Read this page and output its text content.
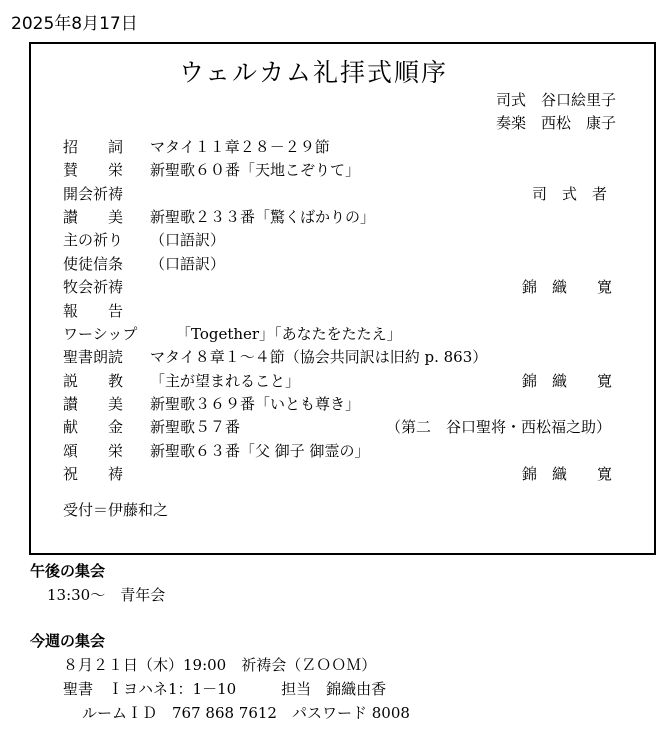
2025年8月17日
ウェルカム礼拝式順序
司式　谷口絵里子
奏楽　西松　康子
招　　詞 マタイ１１章２８－２９節
賛　　栄 新聖歌６０番「天地こぞりて」
開会祈祷	司　式　者
讃　　美 新聖歌２３３番「驚くばかりの」
主の祈り （口語訳）
使徒信条 （口語訳）
牧会祈祷	錦　織　　寛
報　　告
ワーシップ	「Together」「あなたをたたえ」
聖書朗読 マタイ８章１～４節（協会共同訳は旧約 p. 863）
説　　教 「主が望まれること」	錦　織　　寛
讃　　美 新聖歌３６９番「いとも尊き」
献　　金 新聖歌５７番	（第二　谷口聖将・西松福之助）
頌　　栄 新聖歌６３番「父 御子 御霊の」
祝　　祷	錦　織　　寛
受付＝伊藤和之
午後の集会
13:30～　青年会
今週の集会
８月２１日（木）19:00　祈祷会（ＺＯＯＭ）
聖書　Ｉヨハネ1：1－10　　　担当　錦織由香
ルームＩＤ　767 868 7612　パスワード 8008
